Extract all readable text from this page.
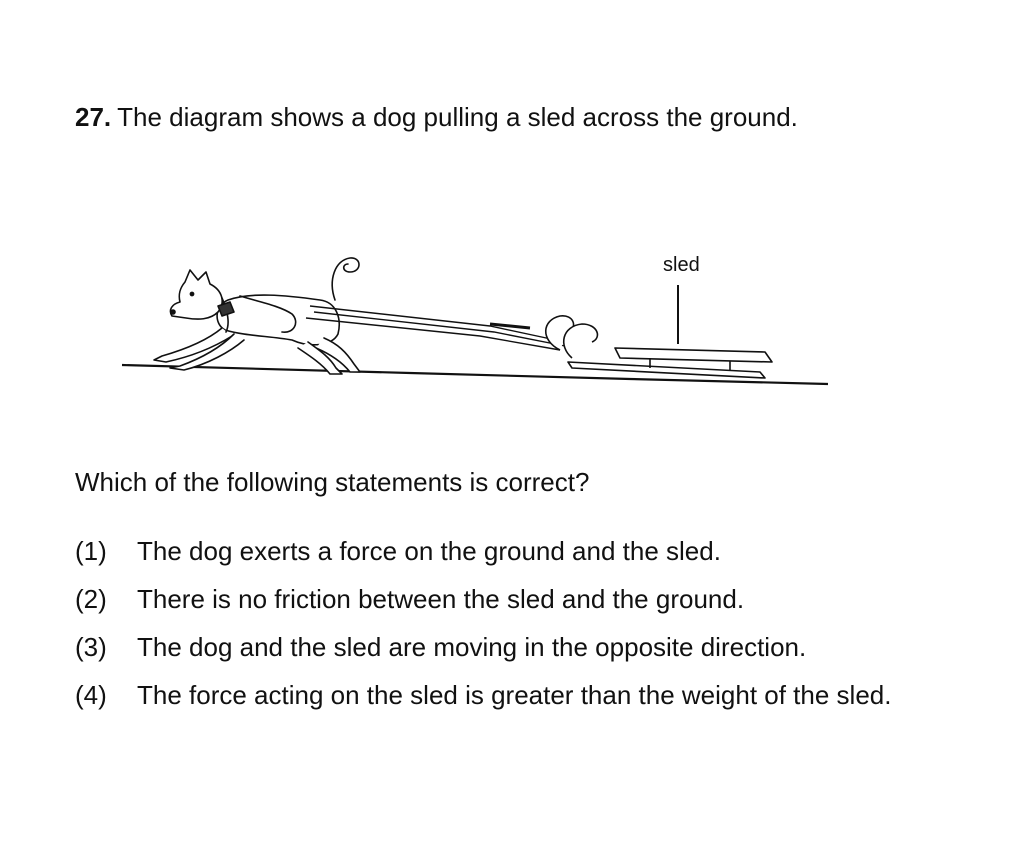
27. The diagram shows a dog pulling a sled across the ground.
sled
Which of the following statements is correct?
(1)	The dog exerts a force on the ground and the sled.
(2)	There is no friction between the sled and the ground.
(3)	The dog and the sled are moving in the opposite direction.
(4)	The force acting on the sled is greater than the weight of the sled.
